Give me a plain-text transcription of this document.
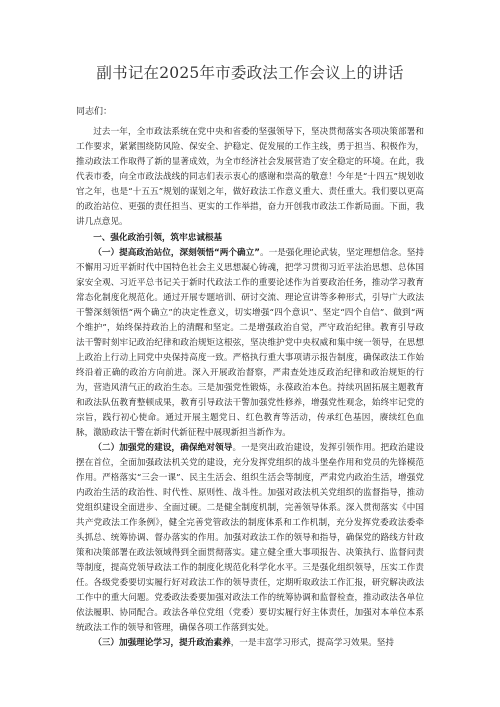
副书记在2025年市委政法工作会议上的讲话
同志们：

过去一年，全市政法系统在党中央和省委的坚强领导下，坚决贯彻落实各项决策部署和工作要求，紧紧围绕防风险、保安全、护稳定、促发展的工作主线，勇于担当、积极作为，推动政法工作取得了新的显著成效，为全市经济社会发展营造了安全稳定的环境。在此，我代表市委，向全市政法战线的同志们表示衷心的感谢和崇高的敬意！今年是“十四五”规划收官之年，也是“十五五”规划的谋划之年，做好政法工作意义重大、责任重大。我们要以更高的政治站位、更强的责任担当、更实的工作举措，奋力开创我市政法工作新局面。下面，我讲几点意见。

一、强化政治引领，筑牢忠诚根基

（一）提高政治站位，深刻领悟“两个确立”。一是强化理论武装，坚定理想信念。坚持不懈用习近平新时代中国特色社会主义思想凝心铸魂，把学习贯彻习近平法治思想、总体国家安全观、习近平总书记关于新时代政法工作的重要论述作为首要政治任务，推动学习教育常态化制度化规范化。通过开展专题培训、研讨交流、理论宣讲等多种形式，引导广大政法干警深刻领悟“两个确立”的决定性意义，切实增强“四个意识”、坚定“四个自信”、做到“两个维护”，始终保持政治上的清醒和坚定。二是增强政治自觉，严守政治纪律。教育引导政法干警时刻牢记政治纪律和政治规矩这根弦，坚决维护党中央权威和集中统一领导，在思想上政治上行动上同党中央保持高度一致。严格执行重大事项请示报告制度，确保政法工作始终沿着正确的政治方向前进。深入开展政治督察，严肃查处违反政治纪律和政治规矩的行为，营造风清气正的政治生态。三是加强党性锻炼，永葆政治本色。持续巩固拓展主题教育和政法队伍教育整顿成果，教育引导政法干警加强党性修养，增强党性观念，始终牢记党的宗旨，践行初心使命。通过开展主题党日、红色教育等活动，传承红色基因，赓续红色血脉，激励政法干警在新时代新征程中展现新担当新作为。

（二）加强党的建设，确保绝对领导。一是突出政治建设，发挥引领作用。把政治建设摆在首位，全面加强政法机关党的建设，充分发挥党组织的战斗堡垒作用和党员的先锋模范作用。严格落实“三会一课”、民主生活会、组织生活会等制度，严肃党内政治生活，增强党内政治生活的政治性、时代性、原则性、战斗性。加强对政法机关党组织的监督指导，推动党组织建设全面进步、全面过硬。二是健全制度机制，完善领导体系。深入贯彻落实《中国共产党政法工作条例》，健全完善党管政法的制度体系和工作机制，充分发挥党委政法委牵头抓总、统筹协调、督办落实的作用。加强对政法工作的领导和指导，确保党的路线方针政策和决策部署在政法领域得到全面贯彻落实。建立健全重大事项报告、决策执行、监督问责等制度，提高党领导政法工作的制度化规范化科学化水平。三是强化组织领导，压实工作责任。各级党委要切实履行好对政法工作的领导责任，定期听取政法工作汇报，研究解决政法工作中的重大问题。党委政法委要加强对政法工作的统筹协调和监督检查，推动政法各单位依法履职、协同配合。政法各单位党组（党委）要切实履行好主体责任，加强对本单位本系统政法工作的领导和管理，确保各项工作落到实处。

（三）加强理论学习，提升政治素养，一是丰富学习形式，提高学习效果。坚持
